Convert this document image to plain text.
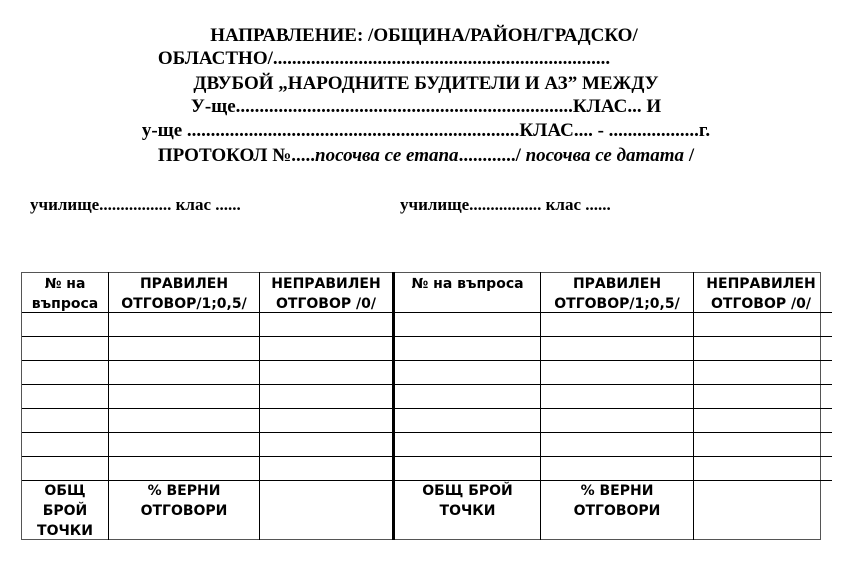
НАПРАВЛЕНИЕ: /ОБЩИНА/РАЙОН/ГРАДСКО/
ОБЛАСТНО/.......................................................................
ДВУБОЙ „НАРОДНИТЕ БУДИТЕЛИ И АЗ” МЕЖДУ
У-ще.......................................................................КЛАС... И
у-ще ......................................................................КЛАС.... - ...................г.
ПРОТОКОЛ №.....посочва се етапа............/ посочва се датата /
училище................. клас ......	училище................. клас ......
№ на въпроса
ПРАВИЛЕН ОТГОВОР/1;0,5/
НЕПРАВИЛЕН ОТГОВОР /0/
№ на въпроса	ПРАВИЛЕН ОТГОВОР/1;0,5/
НЕПРАВИЛЕН ОТГОВОР /0/
ОБЩ БРОЙ ТОЧКИ
% ВЕРНИ ОТГОВОРИ
ОБЩ БРОЙ ТОЧКИ
% ВЕРНИ ОТГОВОРИ
